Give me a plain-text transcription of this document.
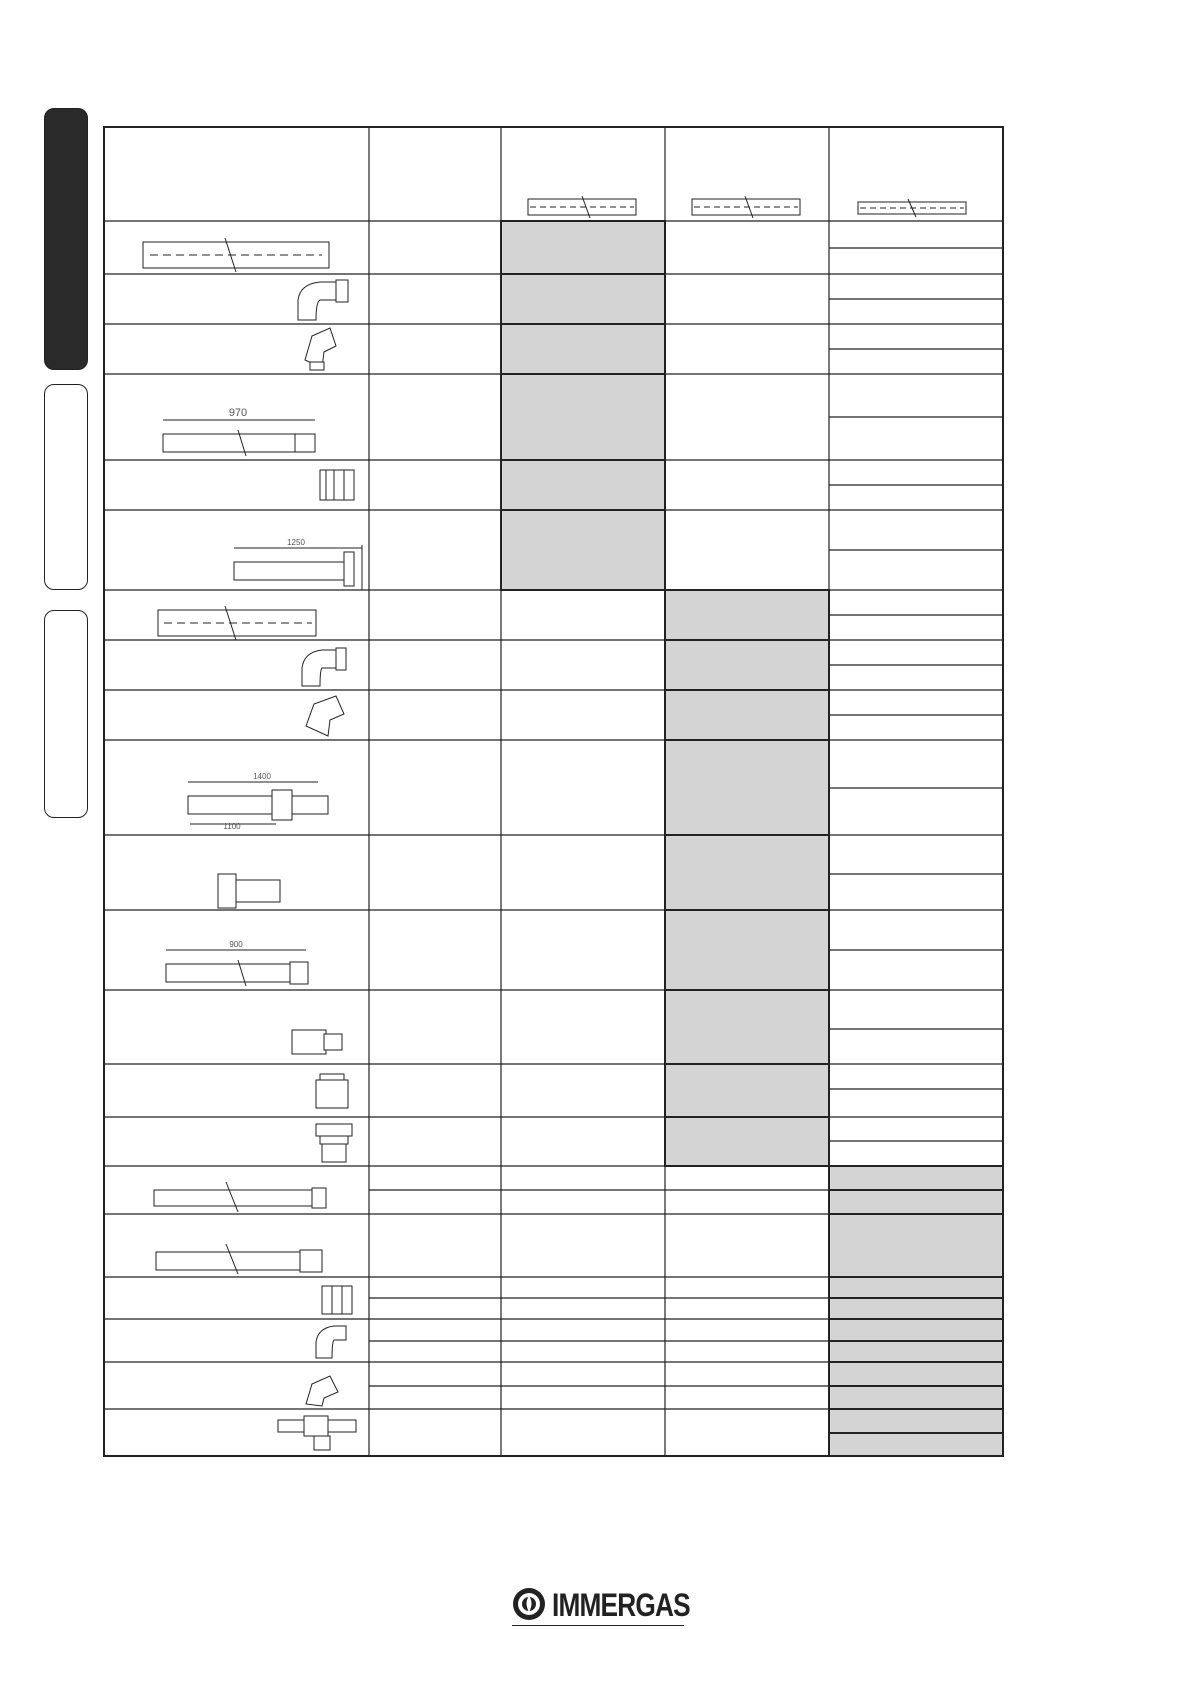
970
1250
1400
1100
900
IMMERGAS
